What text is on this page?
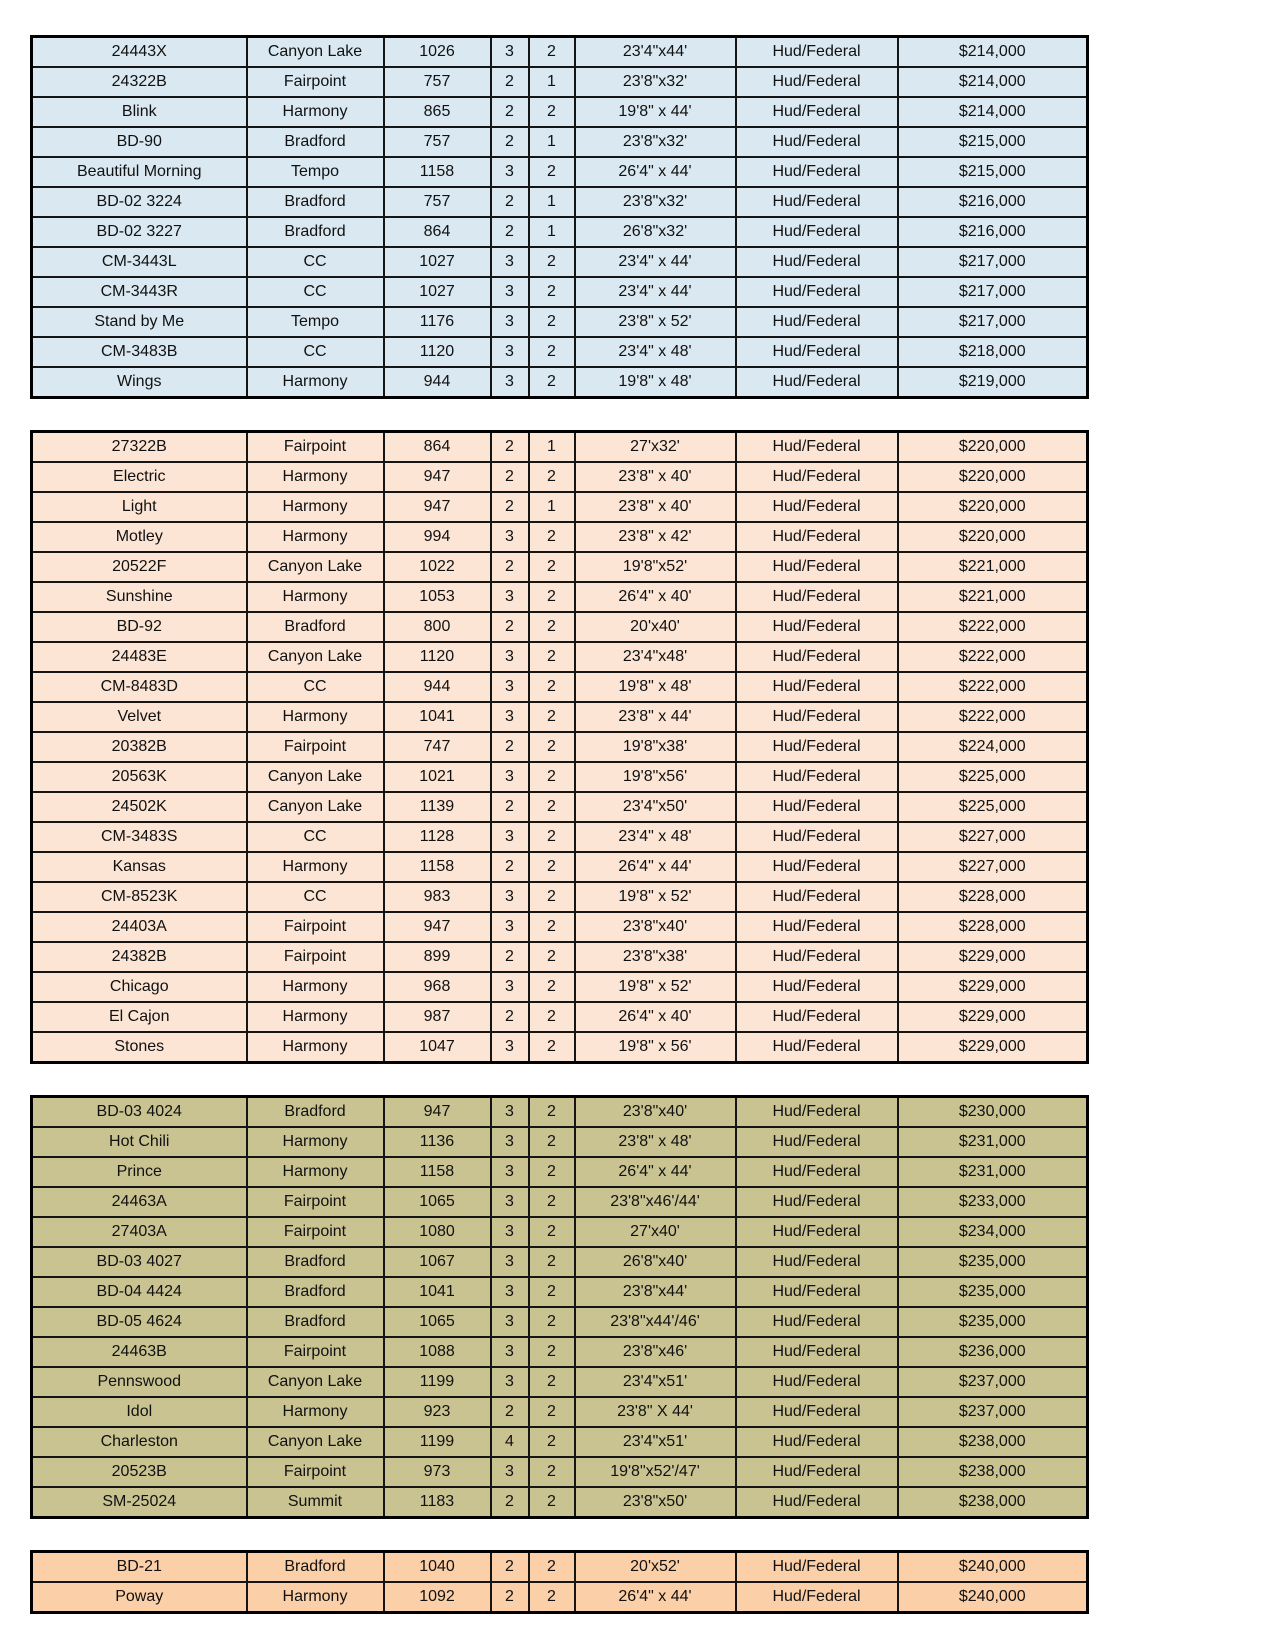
24443X	Canyon Lake	1026	3	2	23'4"x44'	Hud/Federal	$214,000
24322B	Fairpoint	757	2	1	23'8"x32'	Hud/Federal	$214,000
Blink	Harmony	865	2	2	19'8" x 44'	Hud/Federal	$214,000
BD-90	Bradford	757	2	1	23'8"x32'	Hud/Federal	$215,000
Beautiful Morning	Tempo	1158	3	2	26'4" x 44'	Hud/Federal	$215,000
BD-02 3224	Bradford	757	2	1	23'8"x32'	Hud/Federal	$216,000
BD-02 3227	Bradford	864	2	1	26'8"x32'	Hud/Federal	$216,000
CM-3443L	CC	1027	3	2	23'4" x 44'	Hud/Federal	$217,000
CM-3443R	CC	1027	3	2	23'4" x 44'	Hud/Federal	$217,000
Stand by Me	Tempo	1176	3	2	23'8" x 52'	Hud/Federal	$217,000
CM-3483B	CC	1120	3	2	23'4" x 48'	Hud/Federal	$218,000
Wings	Harmony	944	3	2	19'8" x 48'	Hud/Federal	$219,000
27322B	Fairpoint	864	2	1	27'x32'	Hud/Federal	$220,000
Electric	Harmony	947	2	2	23'8" x 40'	Hud/Federal	$220,000
Light	Harmony	947	2	1	23'8" x 40'	Hud/Federal	$220,000
Motley	Harmony	994	3	2	23'8" x 42'	Hud/Federal	$220,000
20522F	Canyon Lake	1022	2	2	19'8"x52'	Hud/Federal	$221,000
Sunshine	Harmony	1053	3	2	26'4" x 40'	Hud/Federal	$221,000
BD-92	Bradford	800	2	2	20'x40'	Hud/Federal	$222,000
24483E	Canyon Lake	1120	3	2	23'4"x48'	Hud/Federal	$222,000
CM-8483D	CC	944	3	2	19'8" x 48'	Hud/Federal	$222,000
Velvet	Harmony	1041	3	2	23'8" x 44'	Hud/Federal	$222,000
20382B	Fairpoint	747	2	2	19'8"x38'	Hud/Federal	$224,000
20563K	Canyon Lake	1021	3	2	19'8"x56'	Hud/Federal	$225,000
24502K	Canyon Lake	1139	2	2	23'4"x50'	Hud/Federal	$225,000
CM-3483S	CC	1128	3	2	23'4" x 48'	Hud/Federal	$227,000
Kansas	Harmony	1158	2	2	26'4" x 44'	Hud/Federal	$227,000
CM-8523K	CC	983	3	2	19'8" x 52'	Hud/Federal	$228,000
24403A	Fairpoint	947	3	2	23'8"x40'	Hud/Federal	$228,000
24382B	Fairpoint	899	2	2	23'8"x38'	Hud/Federal	$229,000
Chicago	Harmony	968	3	2	19'8" x 52'	Hud/Federal	$229,000
El Cajon	Harmony	987	2	2	26'4" x 40'	Hud/Federal	$229,000
Stones	Harmony	1047	3	2	19'8" x 56'	Hud/Federal	$229,000
BD-03 4024	Bradford	947	3	2	23'8"x40'	Hud/Federal	$230,000
Hot Chili	Harmony	1136	3	2	23'8" x 48'	Hud/Federal	$231,000
Prince	Harmony	1158	3	2	26'4" x 44'	Hud/Federal	$231,000
24463A	Fairpoint	1065	3	2	23'8"x46'/44'	Hud/Federal	$233,000
27403A	Fairpoint	1080	3	2	27'x40'	Hud/Federal	$234,000
BD-03 4027	Bradford	1067	3	2	26'8"x40'	Hud/Federal	$235,000
BD-04 4424	Bradford	1041	3	2	23'8"x44'	Hud/Federal	$235,000
BD-05 4624	Bradford	1065	3	2	23'8"x44'/46'	Hud/Federal	$235,000
24463B	Fairpoint	1088	3	2	23'8"x46'	Hud/Federal	$236,000
Pennswood	Canyon Lake	1199	3	2	23'4"x51'	Hud/Federal	$237,000
Idol	Harmony	923	2	2	23'8" X 44'	Hud/Federal	$237,000
Charleston	Canyon Lake	1199	4	2	23'4"x51'	Hud/Federal	$238,000
20523B	Fairpoint	973	3	2	19'8"x52'/47'	Hud/Federal	$238,000
SM-25024	Summit	1183	2	2	23'8"x50'	Hud/Federal	$238,000
BD-21	Bradford	1040	2	2	20'x52'	Hud/Federal	$240,000
Poway	Harmony	1092	2	2	26'4" x 44'	Hud/Federal	$240,000
